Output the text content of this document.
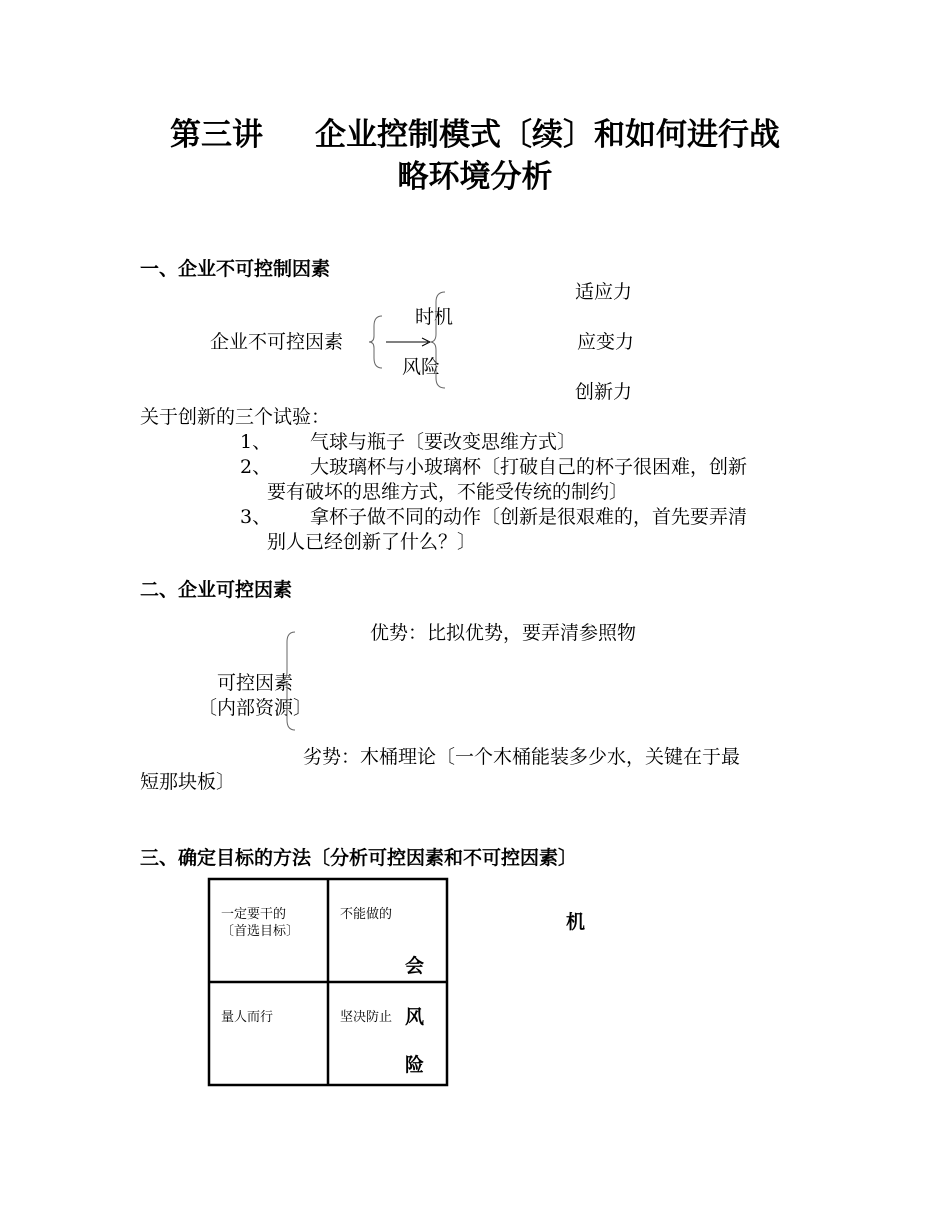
第三讲 企业控制模式〔续〕和如何进行战
略环境分析
一、企业不可控制因素
适应力
时机
企业不可控因素	应变力
风险
创新力
关于创新的三个试验：
1、 气球与瓶子〔要改变思维方式〕
2、 大玻璃杯与小玻璃杯〔打破自己的杯子很困难，创新
要有破坏的思维方式，不能受传统的制约〕
3、 拿杯子做不同的动作〔创新是很艰难的，首先要弄清
别人已经创新了什么？〕
二、企业可控因素
优势：比拟优势，要弄清参照物
可控因素
〔内部资源〕
劣势：木桶理论〔一个木桶能装多少水，关键在于最
短那块板〕
三、确定目标的方法〔分析可控因素和不可控因素〕
一定要干的
〔首选目标〕
不能做的
量人而行	坚决防止
机
会
风
险
